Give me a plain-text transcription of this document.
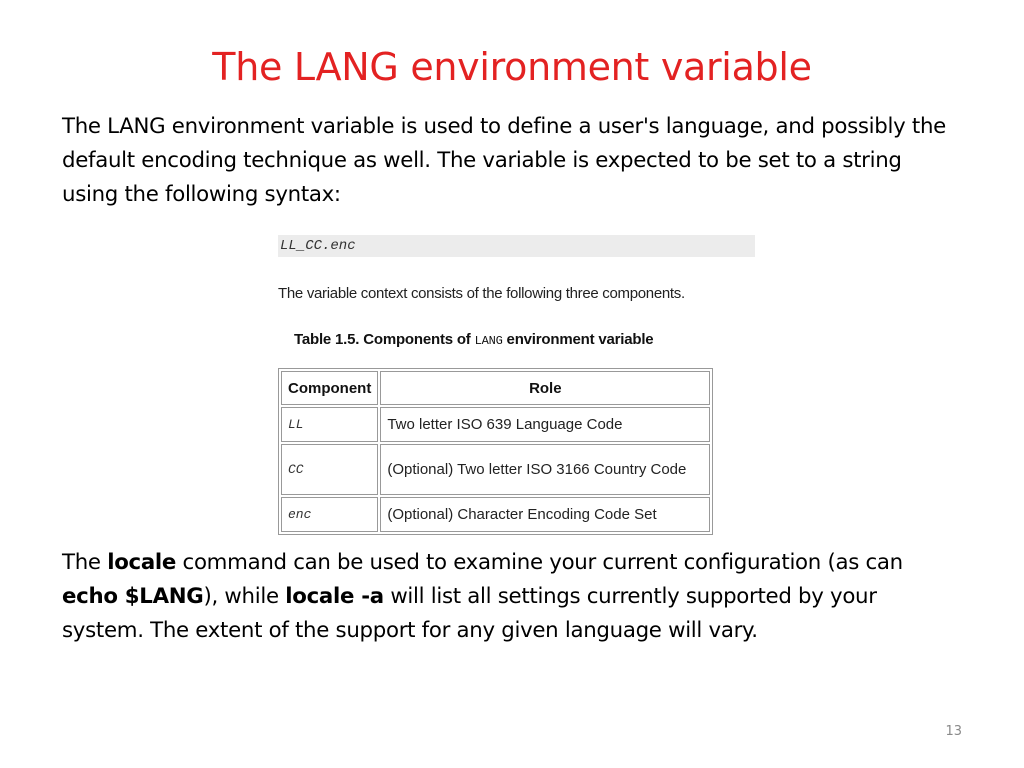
The LANG environment variable

The LANG environment variable is used to define a user's language, and possibly the default encoding technique as well. The variable is expected to be set to a string using the following syntax:

LL_CC.enc
The variable context consists of the following three components.
Table 1.5. Components of LANG environment variable
Component	Role
LL	Two letter ISO 639 Language Code
CC	(Optional) Two letter ISO 3166 Country Code
enc	(Optional) Character Encoding Code Set

The locale command can be used to examine your current configuration (as can echo $LANG), while locale -a will list all settings currently supported by your system. The extent of the support for any given language will vary.

13
